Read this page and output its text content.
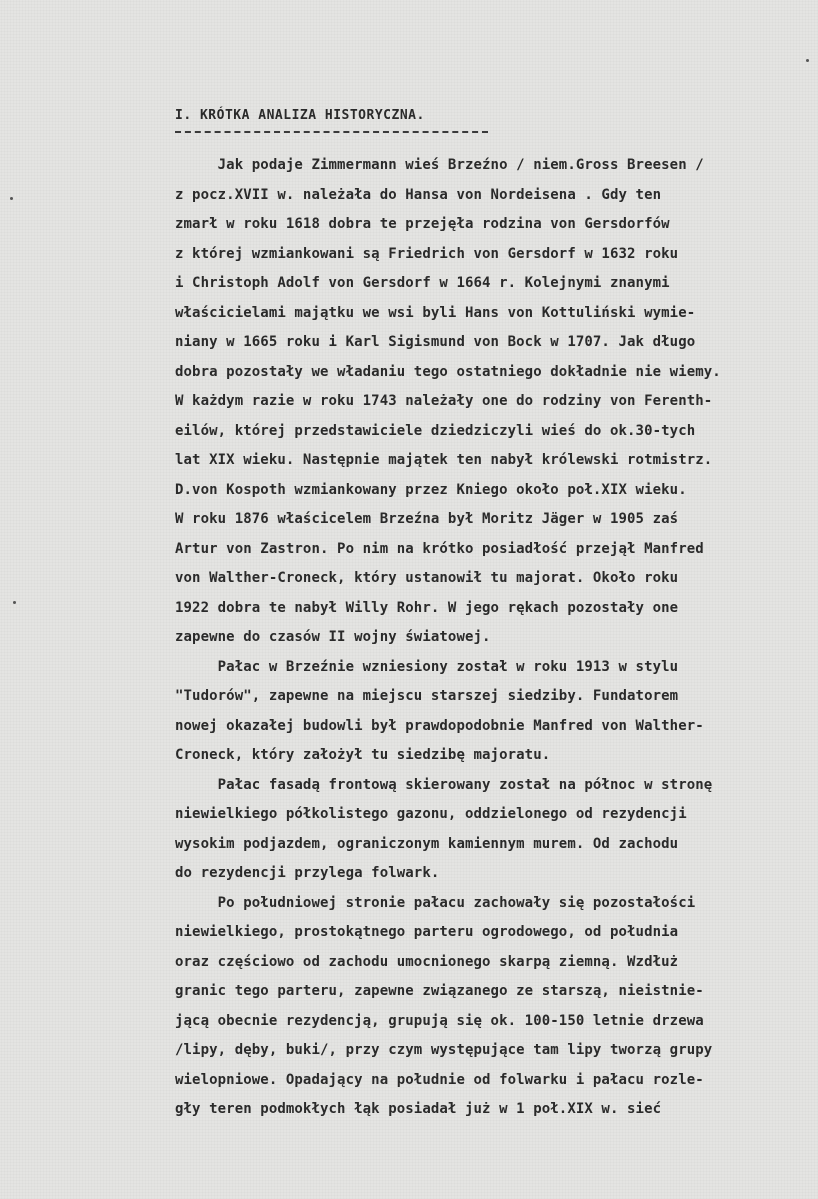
I. KRÓTKA ANALIZA HISTORYCZNA.
Jak podaje Zimmermann wieś Brzeźno / niem.Gross Breesen /
z pocz.XVII w. należała do Hansa von Nordeisena . Gdy ten
zmarł w roku 1618 dobra te przejęła rodzina von Gersdorfów
z której wzmiankowani są Friedrich von Gersdorf w 1632 roku
i Christoph Adolf von Gersdorf w 1664 r. Kolejnymi znanymi
właścicielami majątku we wsi byli Hans von Kottuliński wymie-
niany w 1665 roku i Karl Sigismund von Bock w 1707. Jak długo
dobra pozostały we władaniu tego ostatniego dokładnie nie wiemy.
W każdym razie w roku 1743 należały one do rodziny von Ferenth-
eilów, której przedstawiciele dziedziczyli wieś do ok.30-tych
lat XIX wieku. Następnie majątek ten nabył królewski rotmistrz.
D.von Kospoth wzmiankowany przez Kniego około poł.XIX wieku.
W roku 1876 właścicelem Brzeźna był Moritz Jäger w 1905 zaś
Artur von Zastron. Po nim na krótko posiadłość przejął Manfred
von Walther-Croneck, który ustanowił tu majorat. Około roku
1922 dobra te nabył Willy Rohr. W jego rękach pozostały one
zapewne do czasów II wojny światowej.
Pałac w Brzeźnie wzniesiony został w roku 1913 w stylu
"Tudorów", zapewne na miejscu starszej siedziby. Fundatorem
nowej okazałej budowli był prawdopodobnie Manfred von Walther-
Croneck, który założył tu siedzibę majoratu.
Pałac fasadą frontową skierowany został na północ w stronę
niewielkiego półkolistego gazonu, oddzielonego od rezydencji
wysokim podjazdem, ograniczonym kamiennym murem. Od zachodu
do rezydencji przylega folwark.
Po południowej stronie pałacu zachowały się pozostałości
niewielkiego, prostokątnego parteru ogrodowego, od południa
oraz częściowo od zachodu umocnionego skarpą ziemną. Wzdłuż
granic tego parteru, zapewne związanego ze starszą, nieistnie-
jącą obecnie rezydencją, grupują się ok. 100-150 letnie drzewa
/lipy, dęby, buki/, przy czym występujące tam lipy tworzą grupy
wielopniowe. Opadający na południe od folwarku i pałacu rozle-
gły teren podmokłych łąk posiadał już w 1 poł.XIX w. sieć
